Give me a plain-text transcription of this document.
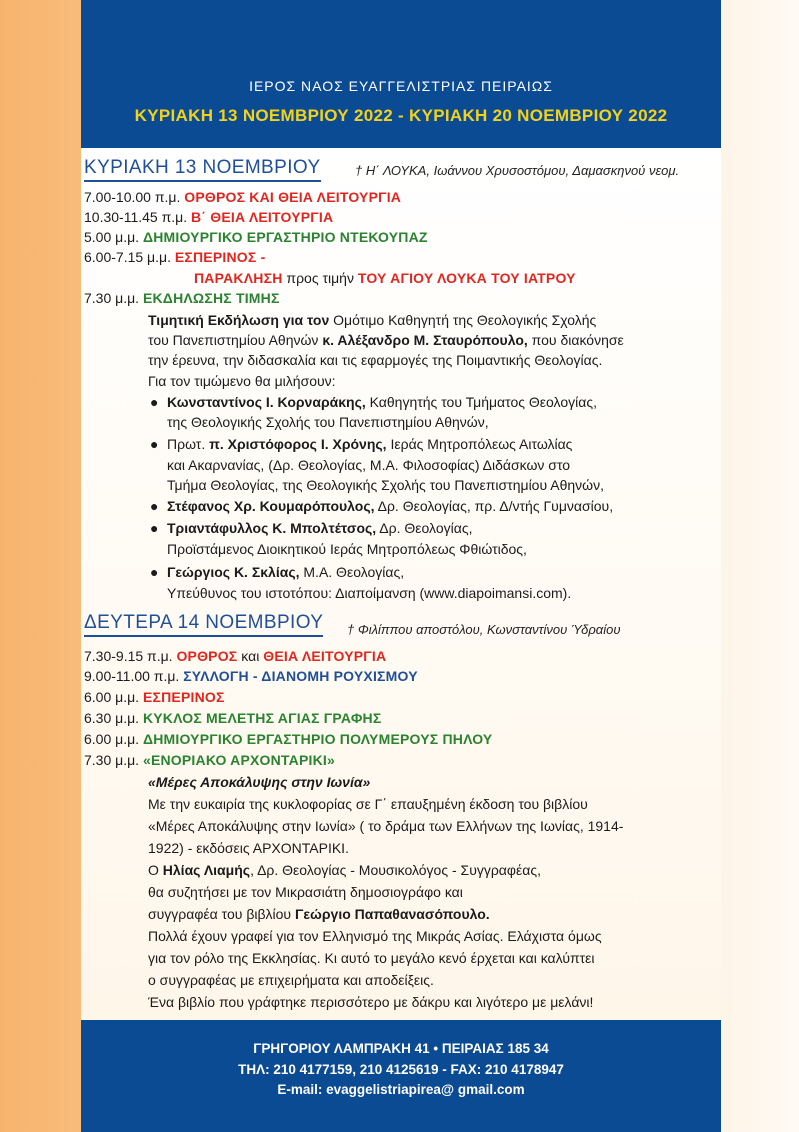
ΙΕΡΟΣ ΝΑΟΣ ΕΥΑΓΓΕΛΙΣΤΡΙΑΣ ΠΕΙΡΑΙΩΣ
ΚΥΡΙΑΚΗ 13 ΝΟΕΜΒΡΙΟΥ 2022 - ΚΥΡΙΑΚΗ 20 ΝΟΕΜΒΡΙΟΥ 2022
ΚΥΡΙΑΚΗ 13 ΝΟΕΜΒΡΙΟΥ	† Η΄ ΛΟΥΚΑ, Ιωάννου Χρυσοστόμου, Δαμασκηνού νεομ.
7.00-10.00 π.μ. ΟΡΘΡΟΣ ΚΑΙ ΘΕΙΑ ΛΕΙΤΟΥΡΓΙΑ
10.30-11.45 π.μ. Β΄ ΘΕΙΑ ΛΕΙΤΟΥΡΓΙΑ
5.00 μ.μ. ΔΗΜΙΟΥΡΓΙΚΟ ΕΡΓΑΣΤΗΡΙΟ ΝΤΕΚΟΥΠΑΖ
6.00-7.15 μ.μ. ΕΣΠΕΡΙΝΟΣ -
ΠΑΡΑΚΛΗΣΗ προς τιμήν ΤΟΥ ΑΓΙΟΥ ΛΟΥΚΑ ΤΟΥ ΙΑΤΡΟΥ
7.30 μ.μ. ΕΚΔΗΛΩΣΗΣ ΤΙΜΗΣ
Τιμητική Εκδήλωση για τον Ομότιμο Καθηγητή της Θεολογικής Σχολής
του Πανεπιστημίου Αθηνών κ. Αλέξανδρο Μ. Σταυρόπουλο, που διακόνησε
την έρευνα, την διδασκαλία και τις εφαρμογές της Ποιμαντικής Θεολογίας.
Για τον τιμώμενο θα μιλήσουν:
● Κωνσταντίνος Ι. Κορναράκης, Καθηγητής του Τμήματος Θεολογίας,
της Θεολογικής Σχολής του Πανεπιστημίου Αθηνών,
● Πρωτ. π. Χριστόφορος Ι. Χρόνης, Ιεράς Μητροπόλεως Αιτωλίας
και Ακαρνανίας, (Δρ. Θεολογίας, Μ.Α. Φιλοσοφίας) Διδάσκων στο
Τμήμα Θεολογίας, της Θεολογικής Σχολής του Πανεπιστημίου Αθηνών,
● Στέφανος Χρ. Κουμαρόπουλος, Δρ. Θεολογίας, πρ. Δ/ντής Γυμνασίου,
● Τριαντάφυλλος Κ. Μπολτέτσος, Δρ. Θεολογίας,
Προϊστάμενος Διοικητικού Ιεράς Μητροπόλεως Φθιώτιδος,
● Γεώργιος Κ. Σκλίας, Μ.Α. Θεολογίας,
Υπεύθυνος του ιστοτόπου: Διαποίμανση (www.diapoimansi.com).
ΔΕΥΤΕΡΑ 14 ΝΟΕΜΒΡΙΟΥ † Φιλίππου αποστόλου, Κωνσταντίνου Ύδραίου
7.30-9.15 π.μ. ΟΡΘΡΟΣ και ΘΕΙΑ ΛΕΙΤΟΥΡΓΙΑ
9.00-11.00 π.μ. ΣΥΛΛΟΓΗ - ΔΙΑΝΟΜΗ ΡΟΥΧΙΣΜΟΥ
6.00 μ.μ. ΕΣΠΕΡΙΝΟΣ
6.30 μ.μ. ΚΥΚΛΟΣ ΜΕΛΕΤΗΣ ΑΓΙΑΣ ΓΡΑΦΗΣ
6.00 μ.μ. ΔΗΜΙΟΥΡΓΙΚΟ ΕΡΓΑΣΤΗΡΙΟ ΠΟΛΥΜΕΡΟΥΣ ΠΗΛΟΥ
7.30 μ.μ. «ΕΝΟΡΙΑΚΟ ΑΡΧΟΝΤΑΡΙΚΙ»
«Μέρες Αποκάλυψης στην Ιωνία»
Με την ευκαιρία της κυκλοφορίας σε Γ΄ επαυξημένη έκδοση του βιβλίου
«Μέρες Αποκάλυψης στην Ιωνία» ( το δράμα των Ελλήνων της Ιωνίας, 1914-
1922) - εκδόσεις ΑΡΧΟΝΤΑΡΙΚΙ.
Ο Ηλίας Λιαμής, Δρ. Θεολογίας - Μουσικολόγος - Συγγραφέας,
θα συζητήσει με τον Μικρασιάτη δημοσιογράφο και
συγγραφέα του βιβλίου Γεώργιο Παπαθανασόπουλο.
Πολλά έχουν γραφεί για τον Ελληνισμό της Μικράς Ασίας. Ελάχιστα όμως
για τον ρόλο της Εκκλησίας. Κι αυτό το μεγάλο κενό έρχεται και καλύπτει
ο συγγραφέας με επιχειρήματα και αποδείξεις.
Ένα βιβλίο που γράφτηκε περισσότερο με δάκρυ και λιγότερο με μελάνι!
ΓΡΗΓΟΡΙΟΥ ΛΑΜΠΡΑΚΗ 41 • ΠΕΙΡΑΙΑΣ 185 34
ΤΗΛ: 210 4177159, 210 4125619 - FAX: 210 4178947
E-mail: evaggelistriapirea@ gmail.com
